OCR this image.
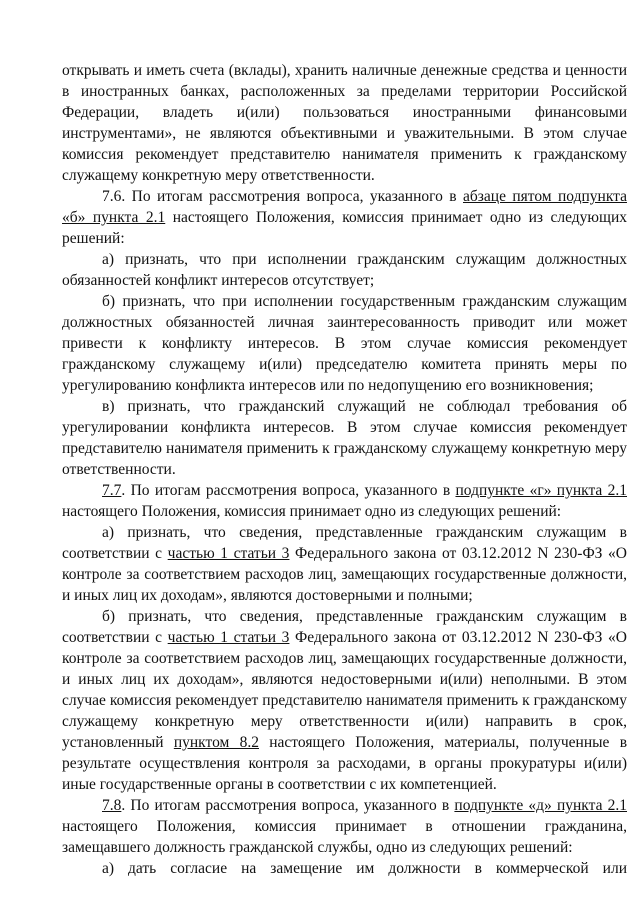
открывать и иметь счета (вклады), хранить наличные денежные средства и ценности в иностранных банках, расположенных за пределами территории Российской Федерации, владеть и(или) пользоваться иностранными финансовыми инструментами», не являются объективными и уважительными. В этом случае комиссия рекомендует представителю нанимателя применить к гражданскому служащему конкретную меру ответственности.

7.6. По итогам рассмотрения вопроса, указанного в абзаце пятом подпункта «б» пункта 2.1 настоящего Положения, комиссия принимает одно из следующих решений:

а) признать, что при исполнении гражданским служащим должностных обязанностей конфликт интересов отсутствует;

б) признать, что при исполнении государственным гражданским служащим должностных обязанностей личная заинтересованность приводит или может привести к конфликту интересов. В этом случае комиссия рекомендует гражданскому служащему и(или) председателю комитета принять меры по урегулированию конфликта интересов или по недопущению его возникновения;

в) признать, что гражданский служащий не соблюдал требования об урегулировании конфликта интересов. В этом случае комиссия рекомендует представителю нанимателя применить к гражданскому служащему конкретную меру ответственности.

7.7. По итогам рассмотрения вопроса, указанного в подпункте «г» пункта 2.1 настоящего Положения, комиссия принимает одно из следующих решений:

а) признать, что сведения, представленные гражданским служащим в соответствии с частью 1 статьи 3 Федерального закона от 03.12.2012 N 230-ФЗ «О контроле за соответствием расходов лиц, замещающих государственные должности, и иных лиц их доходам», являются достоверными и полными;

б) признать, что сведения, представленные гражданским служащим в соответствии с частью 1 статьи 3 Федерального закона от 03.12.2012 N 230-ФЗ «О контроле за соответствием расходов лиц, замещающих государственные должности, и иных лиц их доходам», являются недостоверными и(или) неполными. В этом случае комиссия рекомендует представителю нанимателя применить к гражданскому служащему конкретную меру ответственности и(или) направить в срок, установленный пунктом 8.2 настоящего Положения, материалы, полученные в результате осуществления контроля за расходами, в органы прокуратуры и(или) иные государственные органы в соответствии с их компетенцией.

7.8. По итогам рассмотрения вопроса, указанного в подпункте «д» пункта 2.1 настоящего Положения, комиссия принимает в отношении гражданина, замещавшего должность гражданской службы, одно из следующих решений:

а) дать согласие на замещение им должности в коммерческой или
